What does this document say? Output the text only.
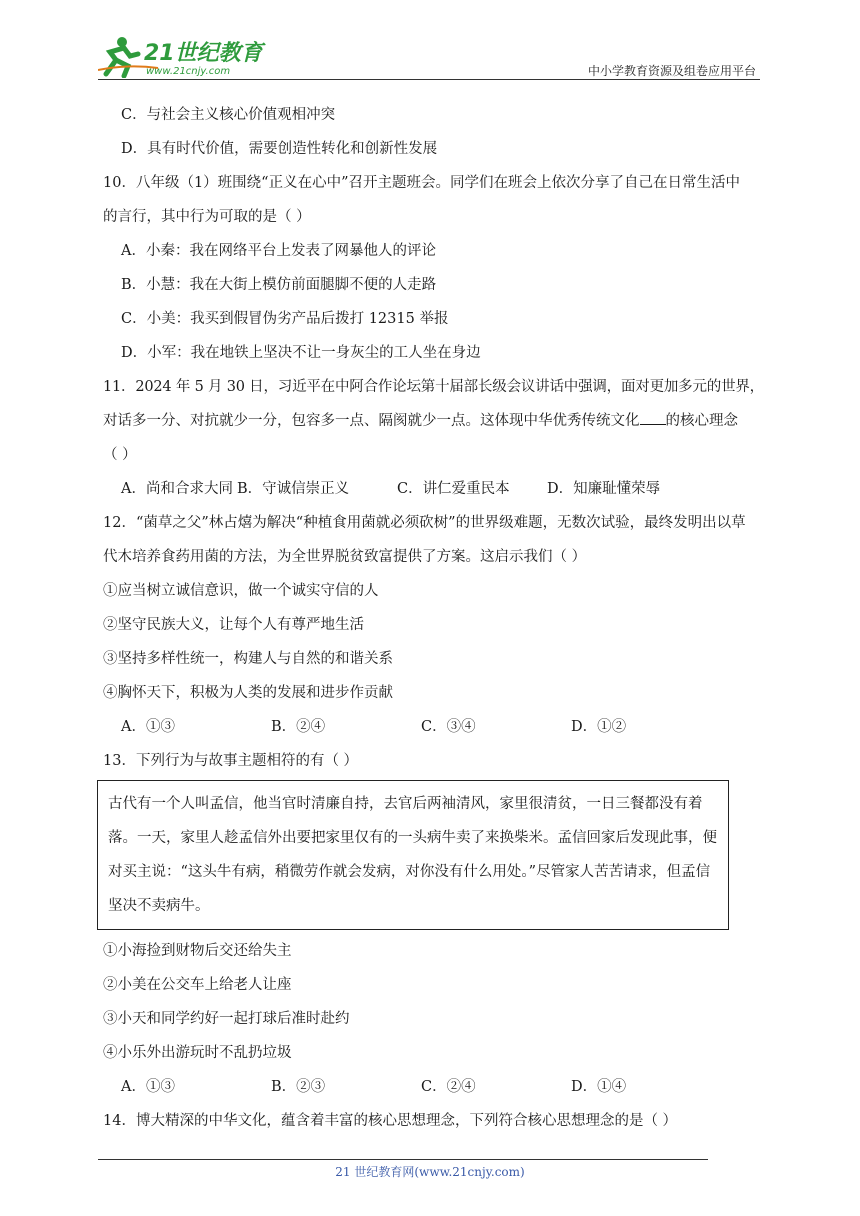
21世纪教育
www.21cnjy.com	中小学教育资源及组卷应用平台
C．与社会主义核心价值观相冲突
D．具有时代价值，需要创造性转化和创新性发展
10．八年级（1）班围绕“正义在心中”召开主题班会。同学们在班会上依次分享了自己在日常生活中
的言行，其中行为可取的是（ ）
A．小秦：我在网络平台上发表了网暴他人的评论
B．小慧：我在大街上模仿前面腿脚不便的人走路
C．小美：我买到假冒伪劣产品后拨打 12315 举报
D．小军：我在地铁上坚决不让一身灰尘的工人坐在身边
11．2024 年 5 月 30 日，习近平在中阿合作论坛第十届部长级会议讲话中强调，面对更加多元的世界，
对话多一分、对抗就少一分，包容多一点、隔阂就少一点。这体现中华优秀传统文化 的核心理念
（ ）
A．尚和合求大同 B．守诚信崇正义	C．讲仁爱重民本	D．知廉耻懂荣辱
12．“菌草之父”林占熺为解决“种植食用菌就必须砍树”的世界级难题，无数次试验，最终发明出以草
代木培养食药用菌的方法，为全世界脱贫致富提供了方案。这启示我们（ ）
①应当树立诚信意识，做一个诚实守信的人
②坚守民族大义，让每个人有尊严地生活
③坚持多样性统一，构建人与自然的和谐关系
④胸怀天下，积极为人类的发展和进步作贡献
A．①③	B．②④	C．③④	D．①②
13．下列行为与故事主题相符的有（ ）
古代有一个人叫孟信，他当官时清廉自持，去官后两袖清风，家里很清贫，一日三餐都没有着落。一天，家里人趁孟信外出要把家里仅有的一头病牛卖了来换柴米。孟信回家后发现此事，便对买主说：“这头牛有病，稍微劳作就会发病，对你没有什么用处。”尽管家人苦苦请求，但孟信坚决不卖病牛。
①小海捡到财物后交还给失主
②小美在公交车上给老人让座
③小天和同学约好一起打球后准时赴约
④小乐外出游玩时不乱扔垃圾
A．①③	B．②③	C．②④	D．①④
14．博大精深的中华文化，蕴含着丰富的核心思想理念，下列符合核心思想理念的是（ ）
21 世纪教育网(www.21cnjy.com)
